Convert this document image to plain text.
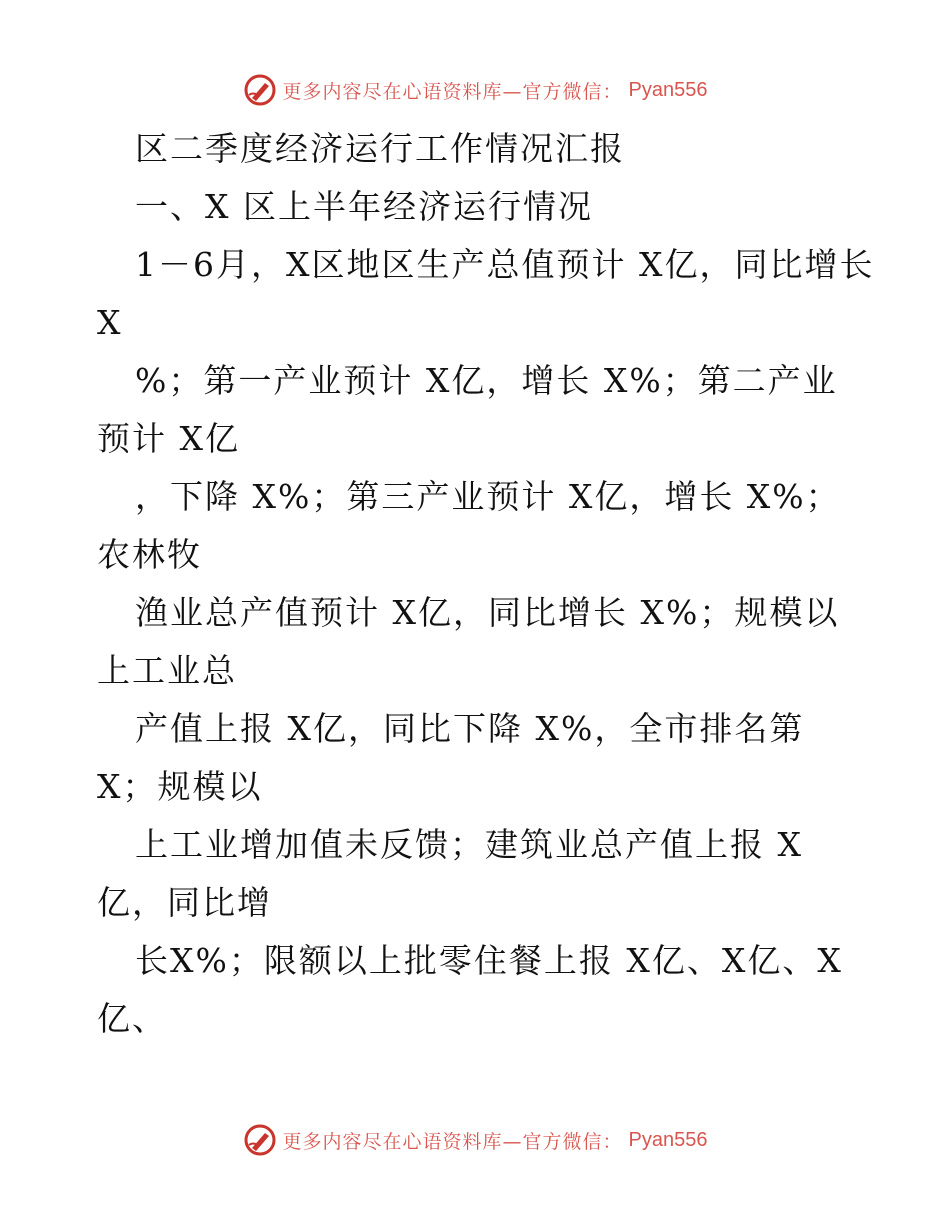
更多内容尽在心语资料库—官方微信： Pyan556
区二季度经济运行工作情况汇报
一、X 区上半年经济运行情况
1－6月，X区地区生产总值预计 X亿，同比增长
X
%；第一产业预计 X亿，增长 X%；第二产业
预计 X亿
，下降 X%；第三产业预计 X亿，增长 X%；
农林牧
渔业总产值预计 X亿，同比增长 X%；规模以
上工业总
产值上报 X亿，同比下降 X%，全市排名第
X；规模以
上工业增加值未反馈；建筑业总产值上报 X
亿，同比增
长X%；限额以上批零住餐上报 X亿、X亿、X
亿、
更多内容尽在心语资料库—官方微信： Pyan556
